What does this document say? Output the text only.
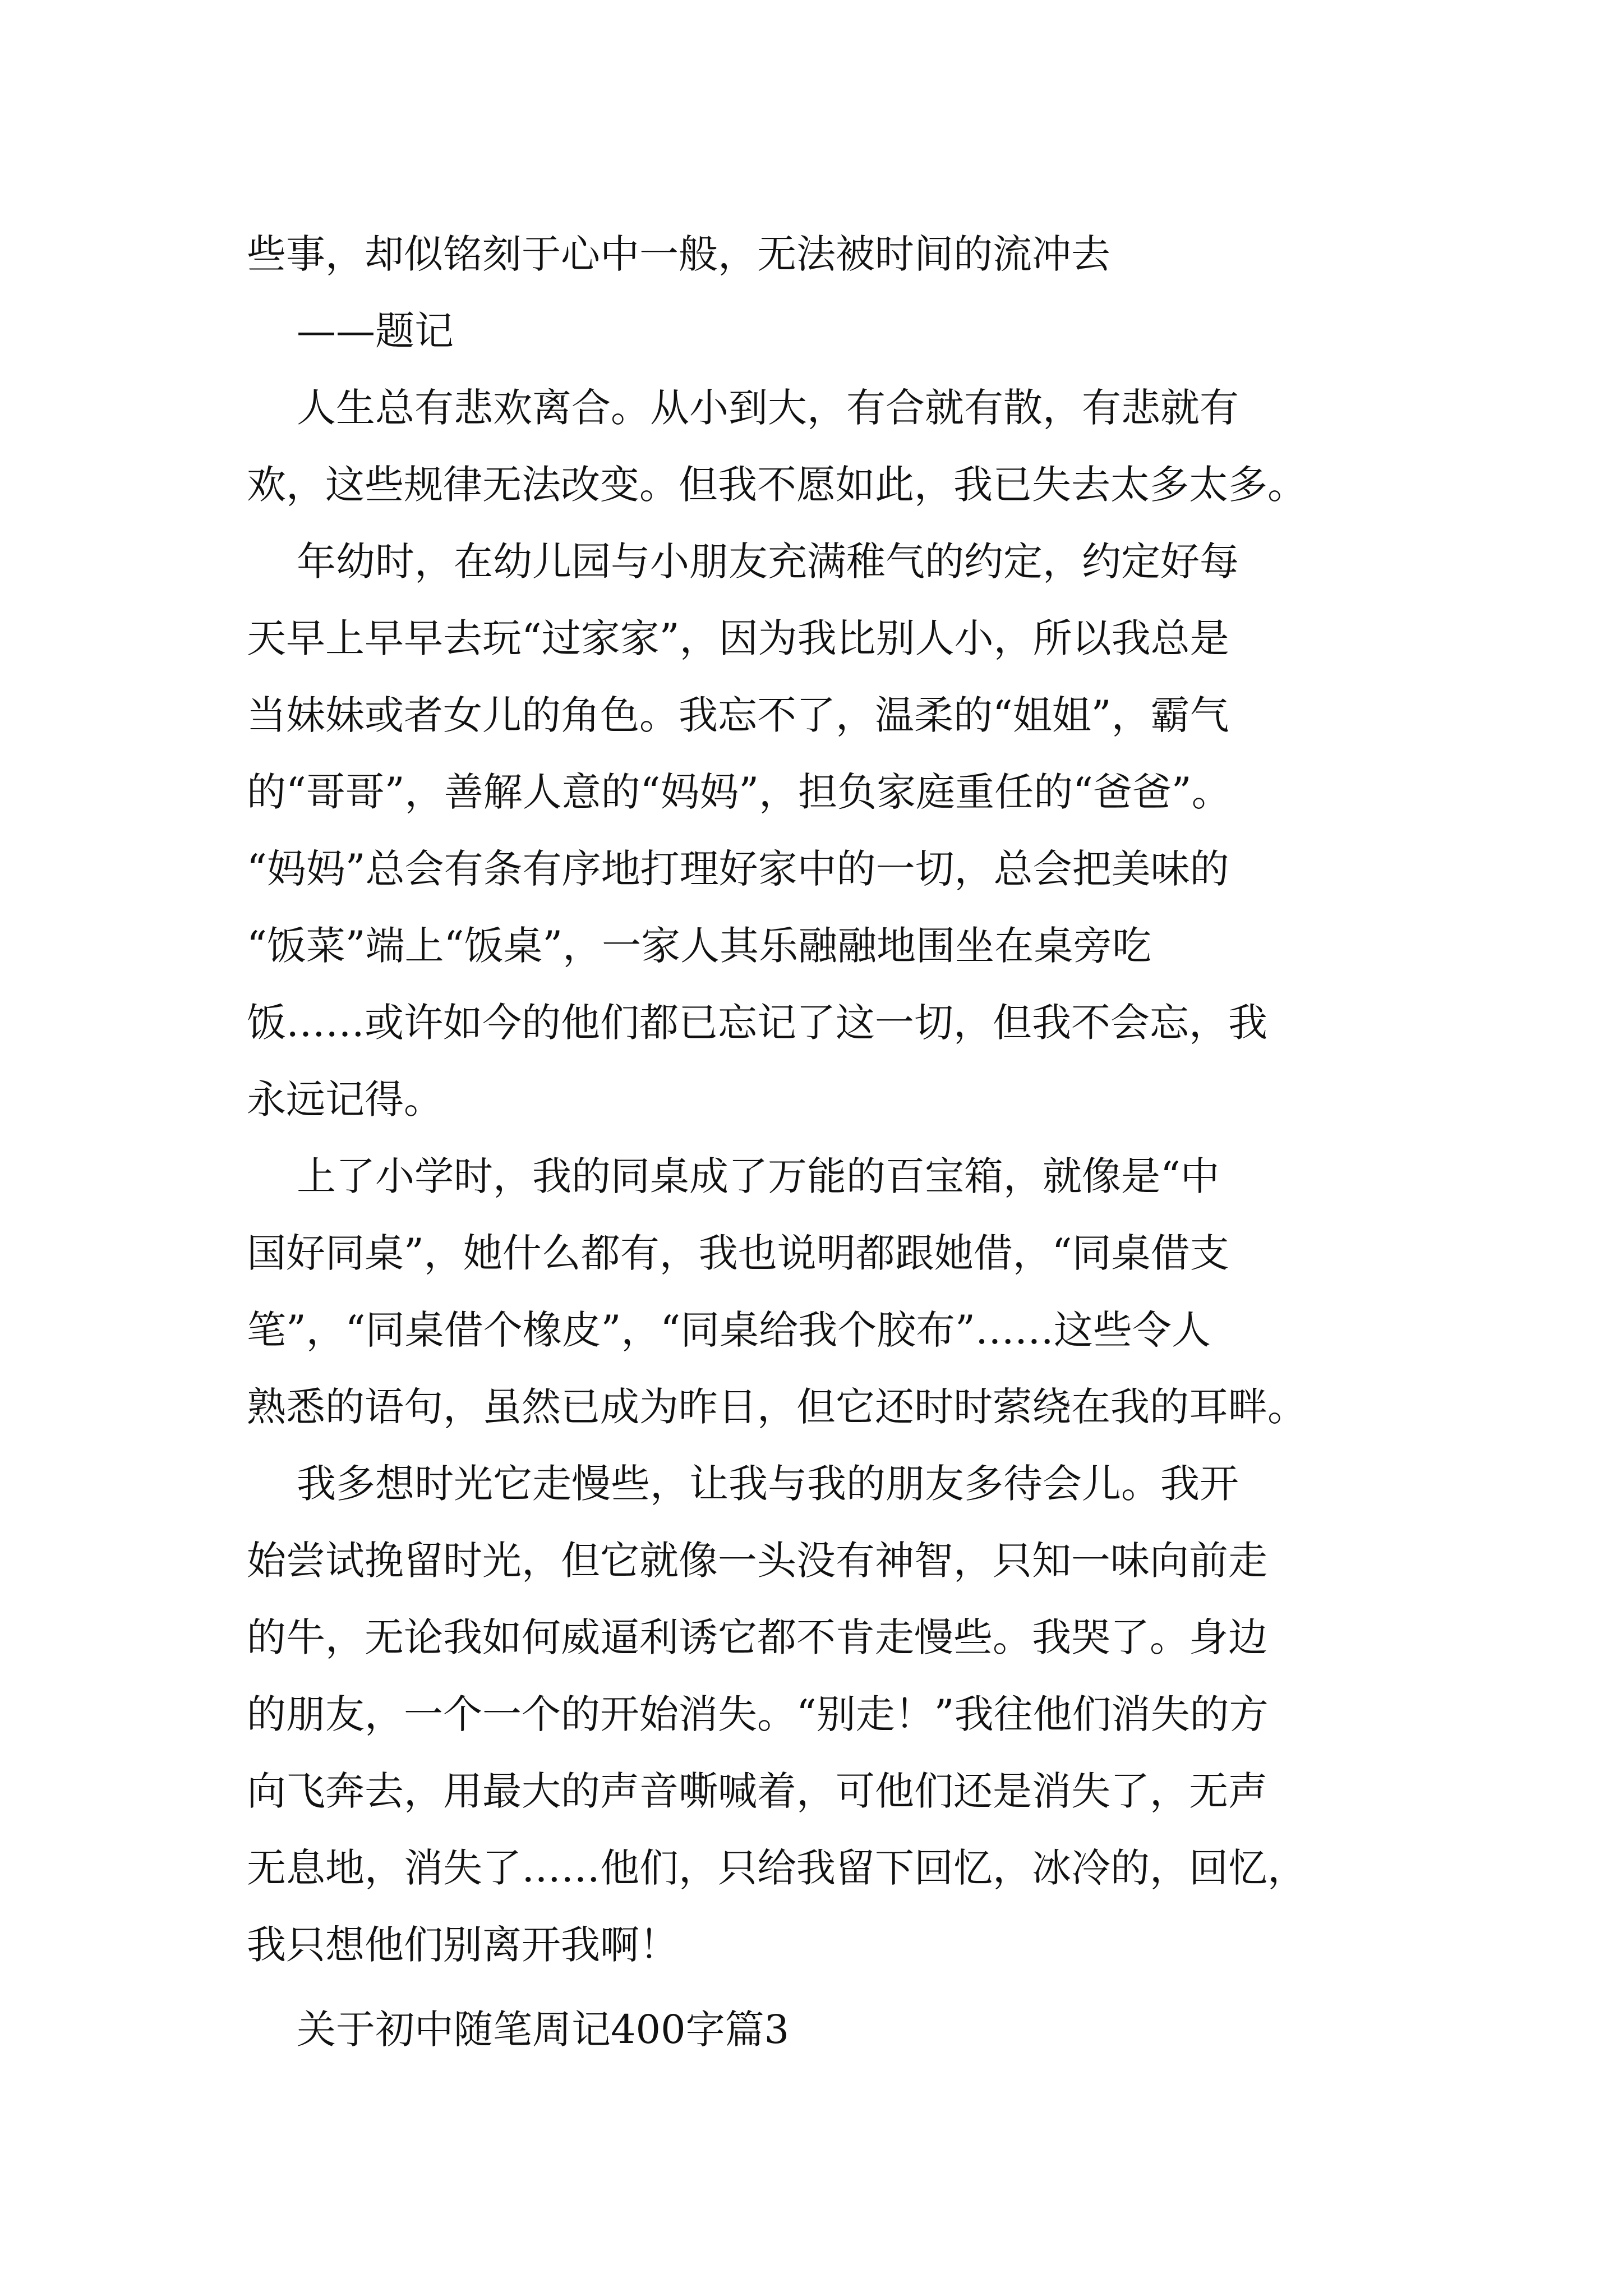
些事，却似铭刻于心中一般，无法被时间的流冲去
——题记
人生总有悲欢离合。从小到大，有合就有散，有悲就有
欢，这些规律无法改变。但我不愿如此，我已失去太多太多。
年幼时，在幼儿园与小朋友充满稚气的约定，约定好每
天早上早早去玩“过家家”，因为我比别人小，所以我总是
当妹妹或者女儿的角色。我忘不了，温柔的“姐姐”，霸气
的“哥哥”，善解人意的“妈妈”，担负家庭重任的“爸爸”。
“妈妈”总会有条有序地打理好家中的一切，总会把美味的
“饭菜”端上“饭桌”，一家人其乐融融地围坐在桌旁吃
饭……或许如今的他们都已忘记了这一切，但我不会忘，我
永远记得。
上了小学时，我的同桌成了万能的百宝箱，就像是“中
国好同桌”，她什么都有，我也说明都跟她借，“同桌借支
笔”，“同桌借个橡皮”，“同桌给我个胶布”……这些令人
熟悉的语句，虽然已成为昨日，但它还时时萦绕在我的耳畔。
我多想时光它走慢些，让我与我的朋友多待会儿。我开
始尝试挽留时光，但它就像一头没有神智，只知一味向前走
的牛，无论我如何威逼利诱它都不肯走慢些。我哭了。身边
的朋友，一个一个的开始消失。“别走！”我往他们消失的方
向飞奔去，用最大的声音嘶喊着，可他们还是消失了，无声
无息地，消失了……他们，只给我留下回忆，冰冷的，回忆，
我只想他们别离开我啊！
关于初中随笔周记400字篇3
